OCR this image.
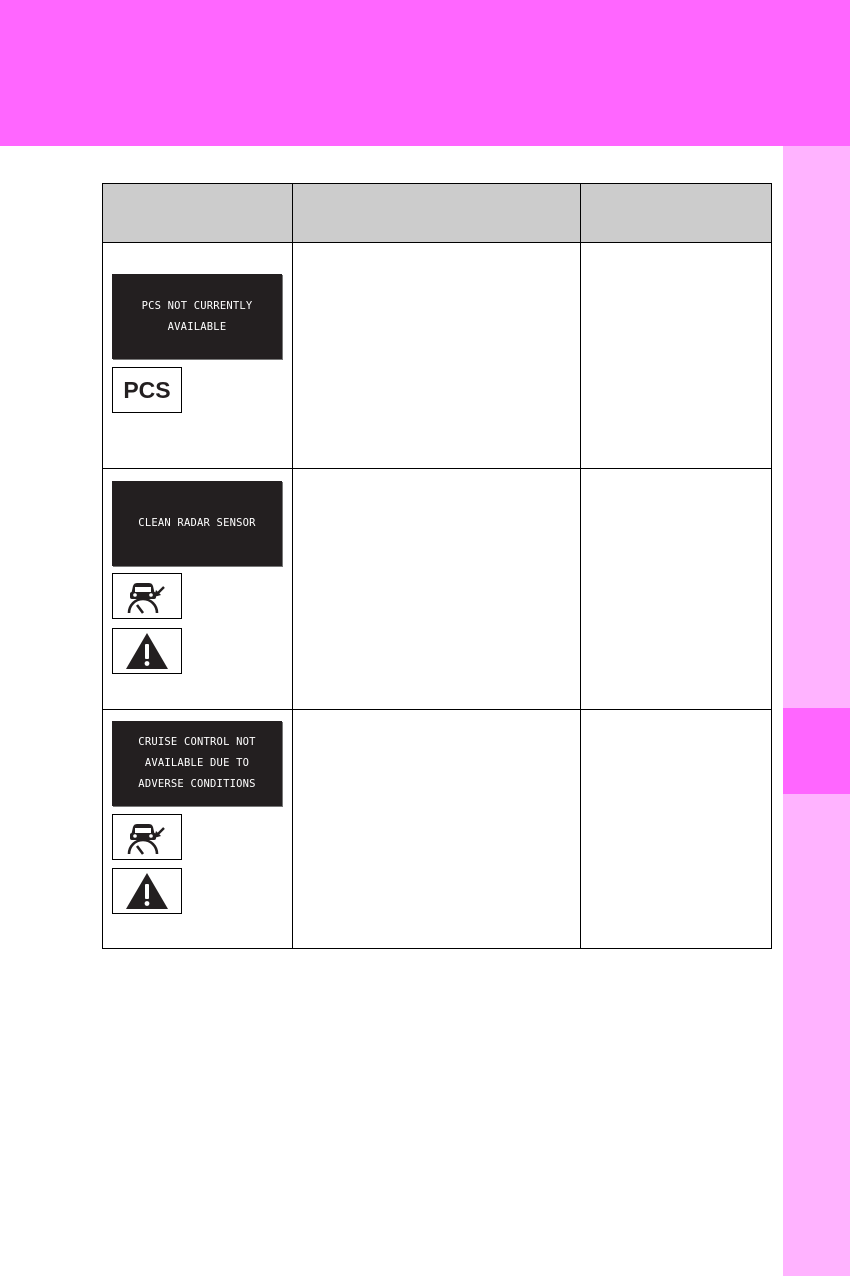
PCS NOT CURRENTLY AVAILABLE
PCS		

CLEAN RADAR SENSOR		

CRUISE CONTROL NOT
AVAILABLE DUE TO
ADVERSE CONDITIONS		
